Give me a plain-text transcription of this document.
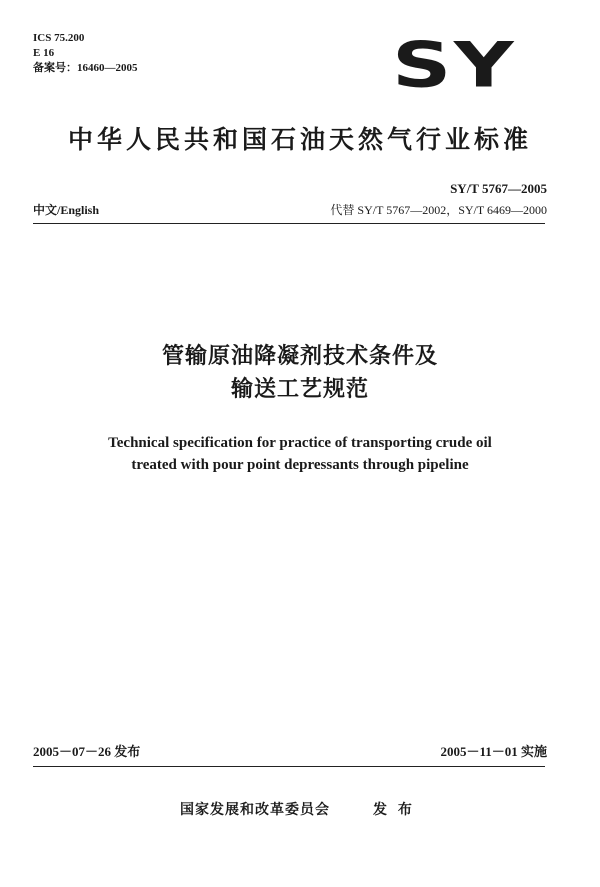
ICS 75.200
E 16
备案号：16460—2005	SY
中华人民共和国石油天然气行业标准
SY/T 5767—2005
中文/English	代替 SY/T 5767—2002，SY/T 6469—2000
管输原油降凝剂技术条件及
输送工艺规范
Technical specification for practice of transporting crude oil
treated with pour point depressants through pipeline
2005－07－26 发布	2005－11－01 实施
国家发展和改革委员会	发 布
